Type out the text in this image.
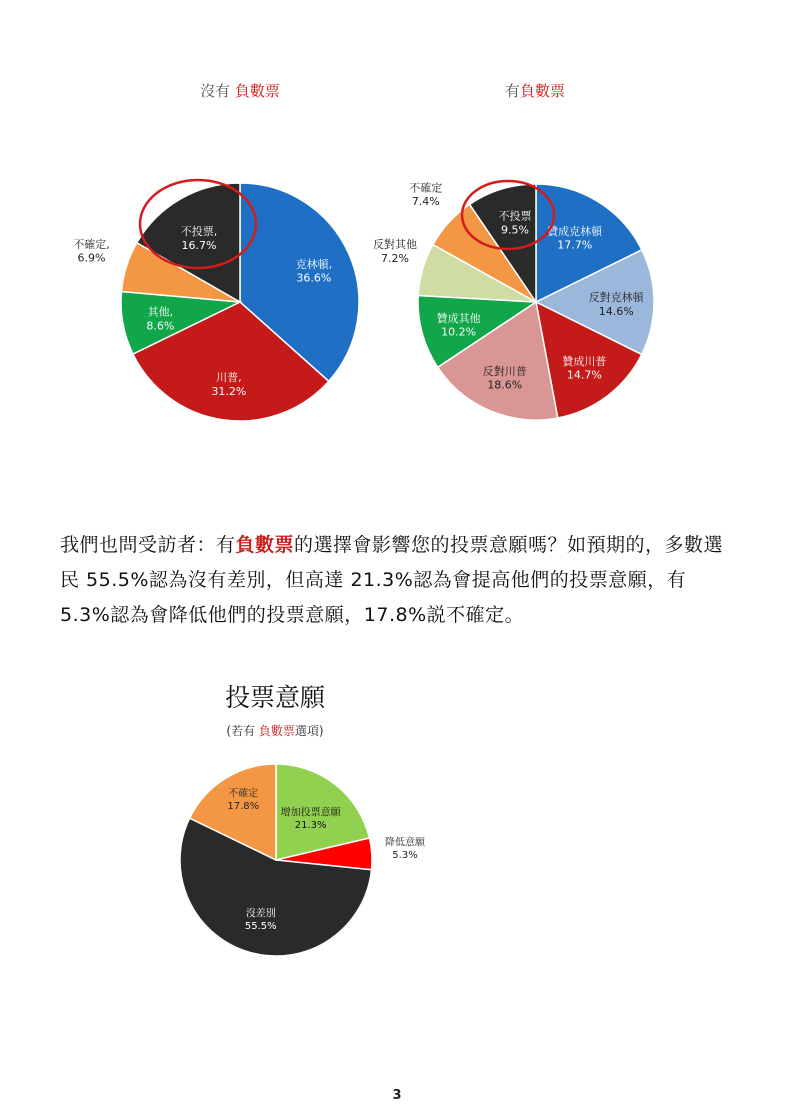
沒有 負數票	有負數票
克林頓,
36.6%
川普,
31.2%
其他,
8.6%
不確定,
6.9%
不投票,
16.7%
贊成克林頓
17.7%
反對克林頓
14.6%
贊成川普
14.7%
反對川普
18.6%
贊成其他
10.2%
反對其他
7.2%
不確定
7.4%
不投票
9.5%
我們也問受訪者：有負數票的選擇會影響您的投票意願嗎？如預期的，多數選民 55.5%認為沒有差別，但高達 21.3%認為會提高他們的投票意願，有 5.3%認為會降低他們的投票意願，17.8%説不確定。
投票意願
(若有 負數票選項)
增加投票意願
21.3%
降低意願
5.3%
沒差別
55.5%
不確定
17.8%
3
